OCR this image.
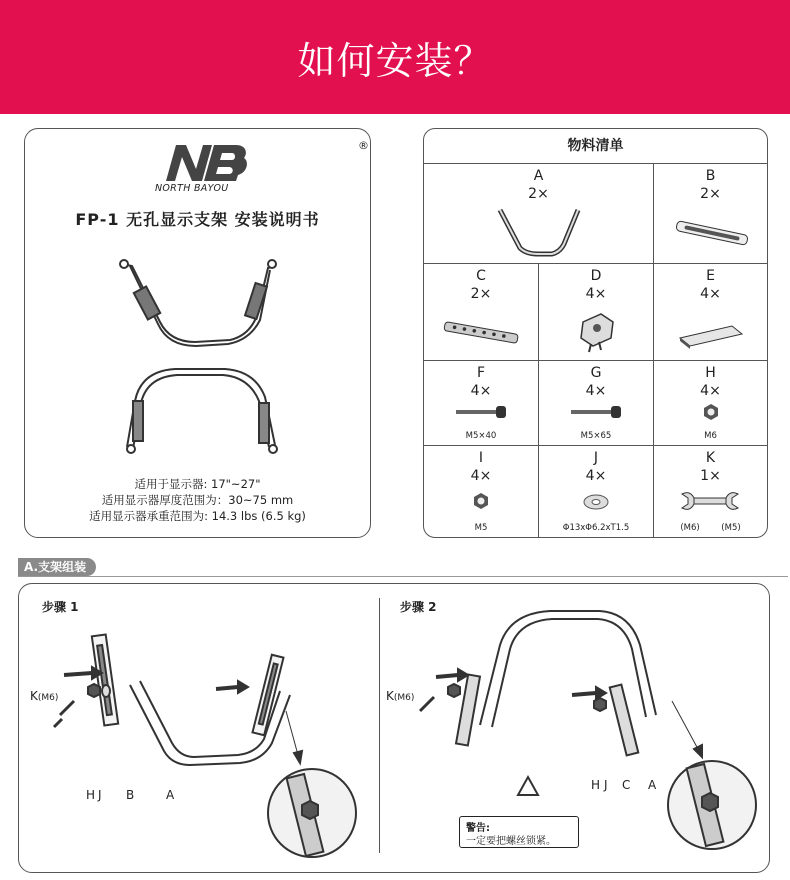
如何安装？
®
NORTH BAYOU
FP-1 无孔显示支架 安装说明书
适用于显示器: 17"~27"
适用显示器厚度范围为：30~75 mm
适用显示器承重范围为: 14.3 lbs (6.5 kg)
物料清单
A
2×
B
2×
C
2×
D
4×
E
4×
F
4×
M5×40
G
4×
M5×65
H
4×
M6
I
4×
M5
J
4×
Φ13xΦ6.2xT1.5
K
1×
(M6)        (M5)
A.支架组装
步骤 1	步骤 2
K(M6)
H J B	A
K(M6)
H J C A
警告:
一定要把螺丝锁紧。
